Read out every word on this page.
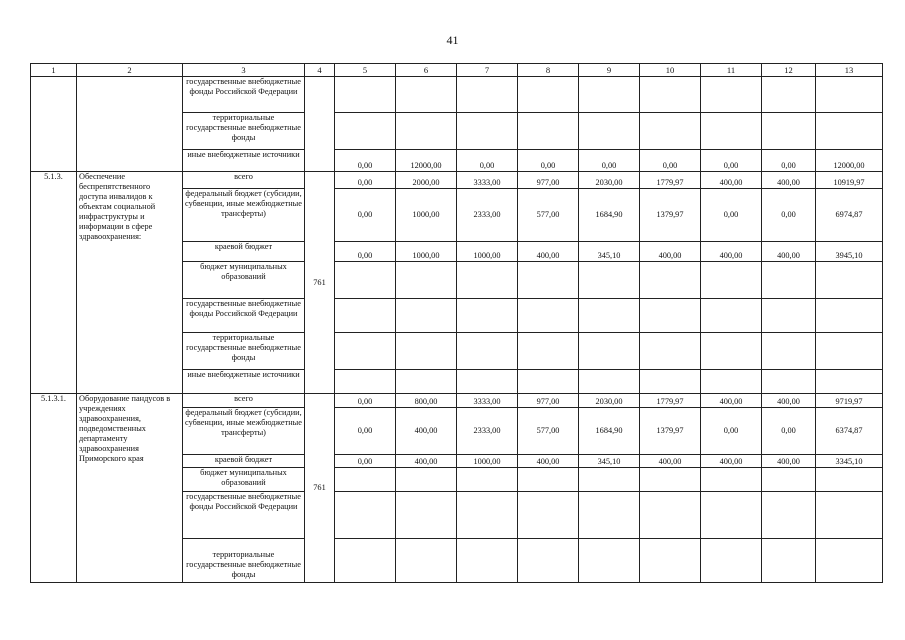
41
1	2	3	4	5	6	7	8	9	10	11	12	13
		государственные внебюджетные фонды Российской Федерации										
		территориальные государственные внебюджетные фонды										
		иные внебюджетные источники		0,00	12000,00	0,00	0,00	0,00	0,00	0,00	0,00	12000,00
5.1.3.	Обеспечение беспрепятственного доступа инвалидов к объектам социальной инфраструктуры и информации в сфере здравоохранения:	всего	761	0,00	2000,00	3333,00	977,00	2030,00	1779,97	400,00	400,00	10919,97
		федеральный бюджет (субсидии, субвенции, иные межбюджетные трансферты)		0,00	1000,00	2333,00	577,00	1684,90	1379,97	0,00	0,00	6974,87
		краевой бюджет		0,00	1000,00	1000,00	400,00	345,10	400,00	400,00	400,00	3945,10
		бюджет муниципальных образований										
		государственные внебюджетные фонды Российской Федерации										
		территориальные государственные внебюджетные фонды										
		иные внебюджетные источники										
5.1.3.1.	Оборудование пандусов в учреждениях здравоохранения, подведомственных департаменту здравоохранения Приморского края	всего	761	0,00	800,00	3333,00	977,00	2030,00	1779,97	400,00	400,00	9719,97
		федеральный бюджет (субсидии, субвенции, иные межбюджетные трансферты)		0,00	400,00	2333,00	577,00	1684,90	1379,97	0,00	0,00	6374,87
		краевой бюджет		0,00	400,00	1000,00	400,00	345,10	400,00	400,00	400,00	3345,10
		бюджет муниципальных образований										
		государственные внебюджетные фонды Российской Федерации										
		территориальные государственные внебюджетные фонды										
